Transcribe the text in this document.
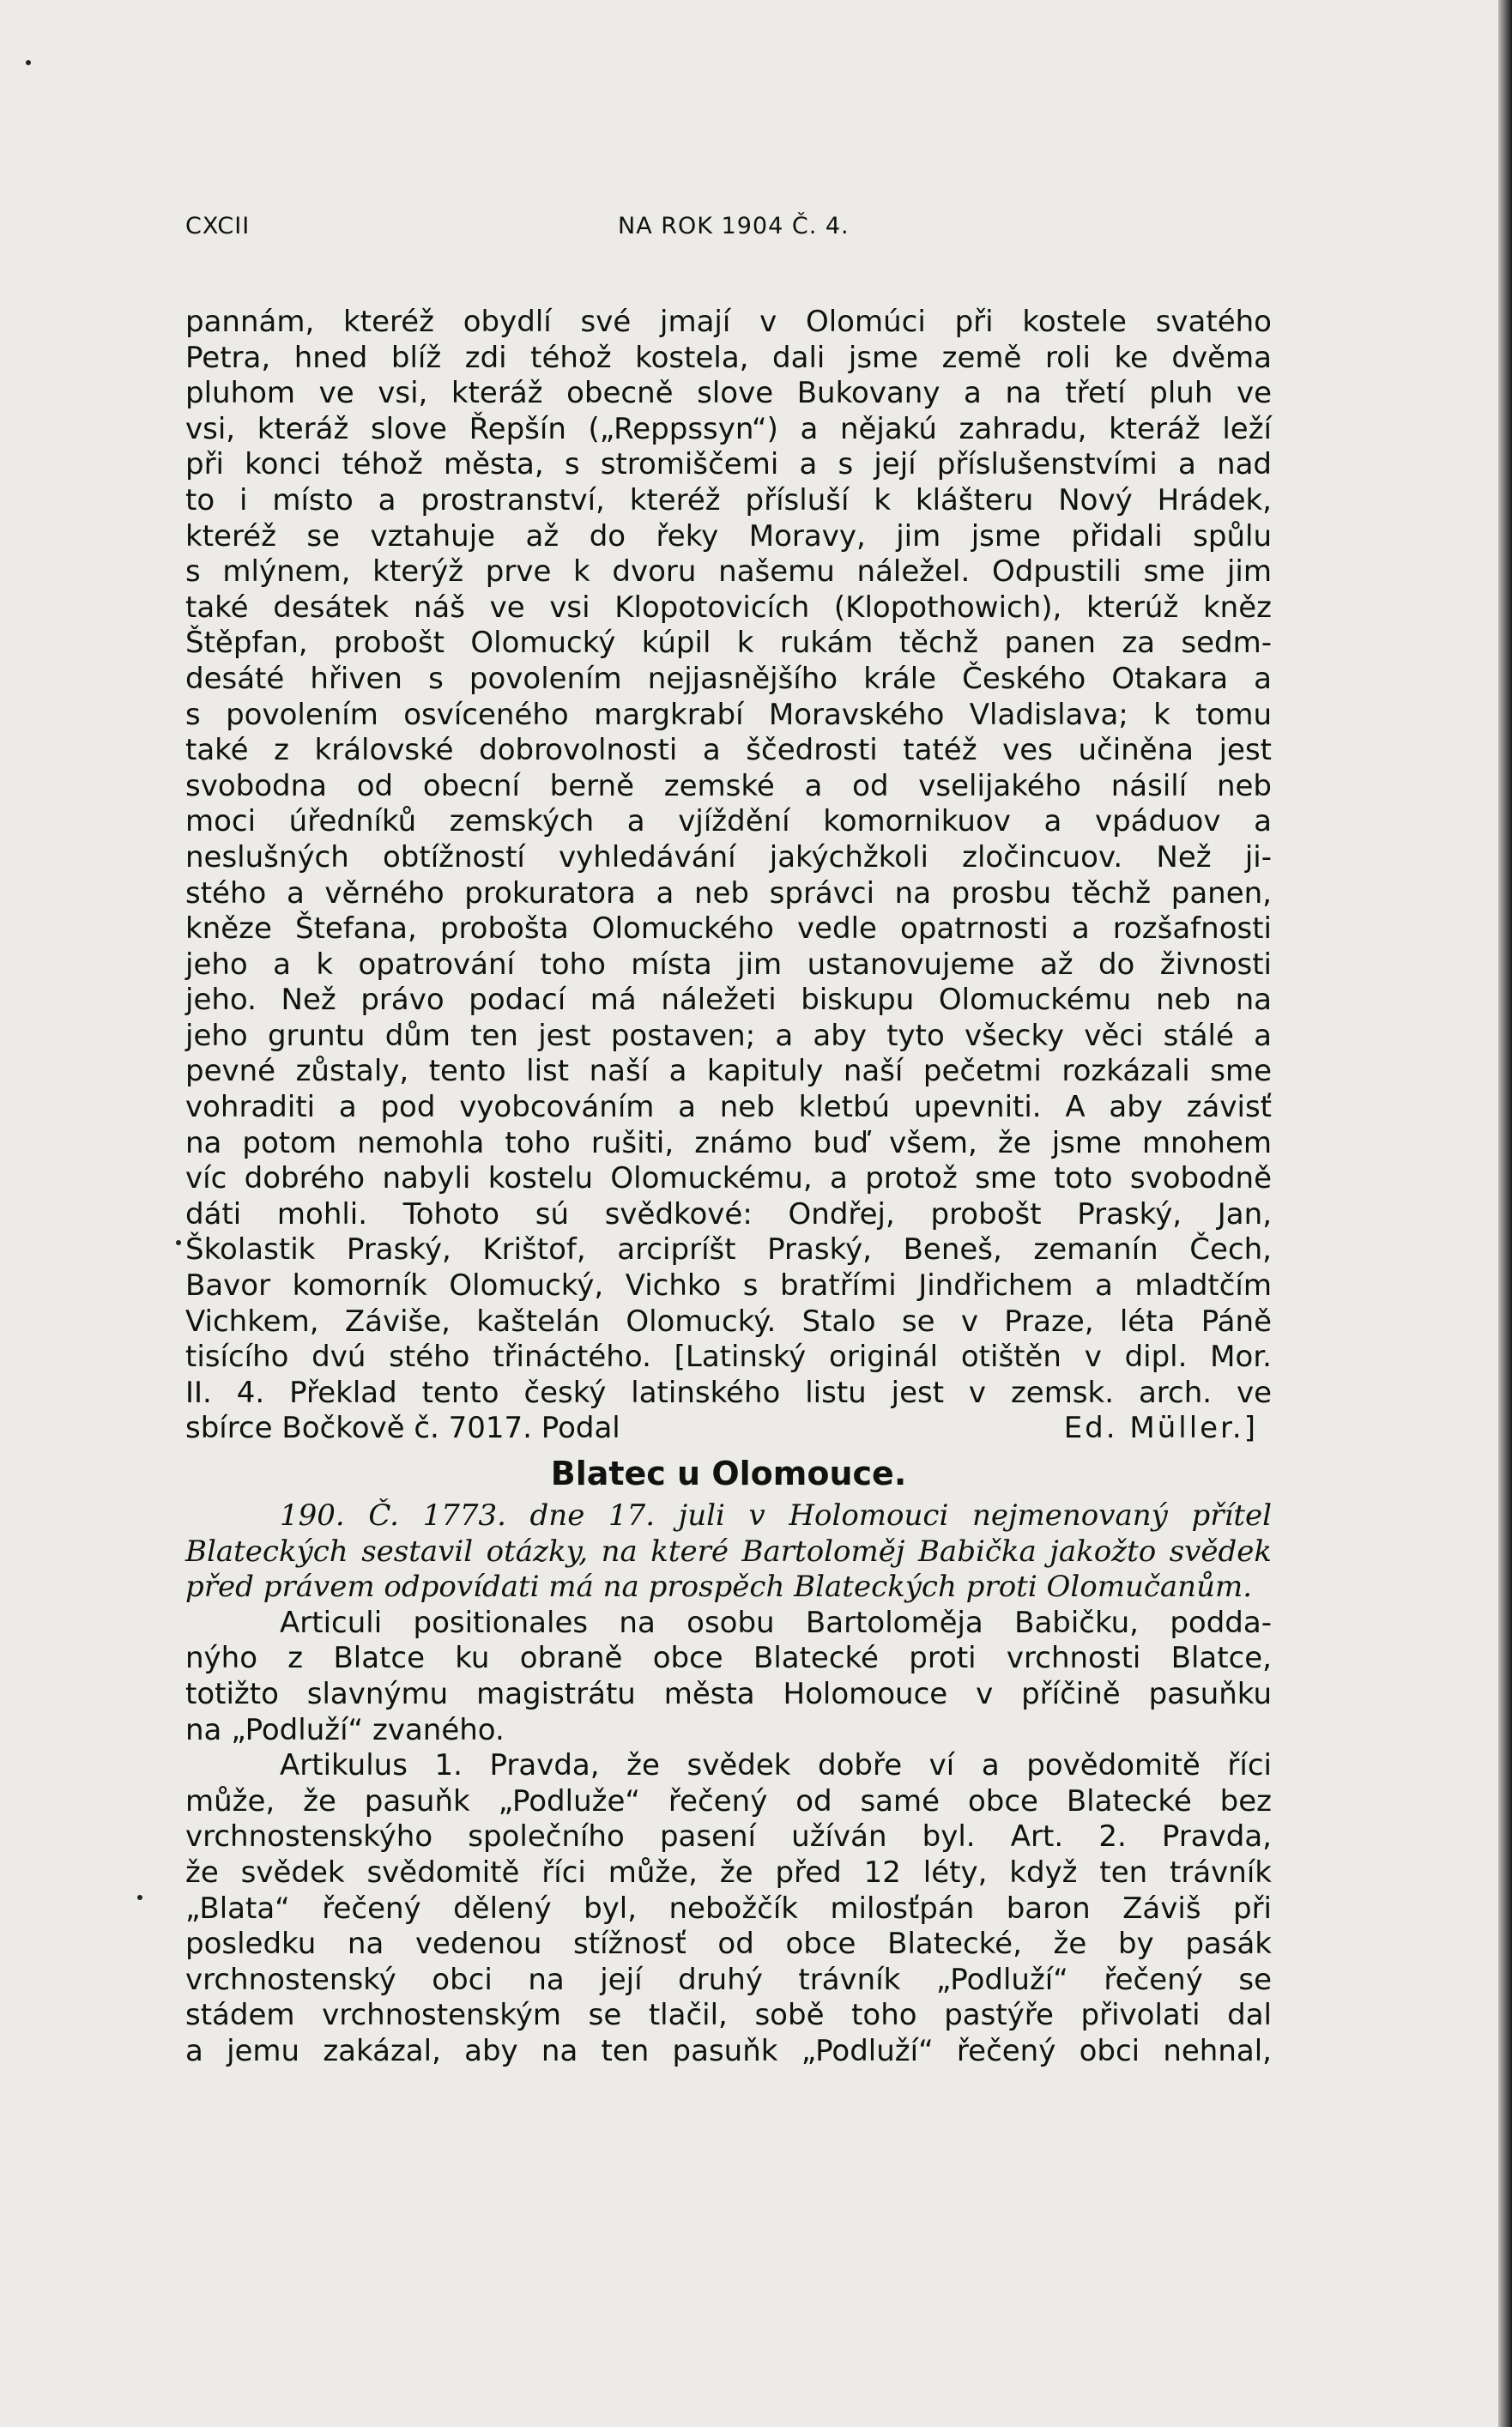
CXCII	NA ROK 1904 Č. 4.
pannám, kteréž obydlí své jmají v Olomúci při kostele svatého
Petra, hned blíž zdi téhož kostela, dali jsme země roli ke dvěma
pluhom ve vsi, kteráž obecně slove Bukovany a na třetí pluh ve
vsi, kteráž slove Řepšín („Reppssyn“) a nějakú zahradu, kteráž leží
při konci téhož města, s stromiščemi a s její příslušenstvími a nad
to i místo a prostranství, kteréž přísluší k klášteru Nový Hrádek,
kteréž se vztahuje až do řeky Moravy, jim jsme přidali spůlu
s mlýnem, kterýž prve k dvoru našemu náležel. Odpustili sme jim
také desátek náš ve vsi Klopotovicích (Klopothowich), kterúž kněz
Štěpfan, probošt Olomucký kúpil k rukám těchž panen za sedm-
desáté hřiven s povolením nejjasnějšího krále Českého Otakara a
s povolením osvíceného margkrabí Moravského Vladislava; k tomu
také z královské dobrovolnosti a ščedrosti tatéž ves učiněna jest
svobodna od obecní berně zemské a od vselijakého násilí neb
moci úředníků zemských a vjíždění komornikuov a vpáduov a
neslušných obtížností vyhledávání jakýchžkoli zločincuov. Než ji-
stého a věrného prokuratora a neb správci na prosbu těchž panen,
kněze Štefana, probošta Olomuckého vedle opatrnosti a rozšafnosti
jeho a k opatrování toho místa jim ustanovujeme až do živnosti
jeho. Než právo podací má náležeti biskupu Olomuckému neb na
jeho gruntu dům ten jest postaven; a aby tyto všecky věci stálé a
pevné zůstaly, tento list naší a kapituly naší pečetmi rozkázali sme
vohraditi a pod vyobcováním a neb kletbú upevniti. A aby závisť
na potom nemohla toho rušiti, známo buď všem, že jsme mnohem
víc dobrého nabyli kostelu Olomuckému, a protož sme toto svobodně
dáti mohli. Tohoto sú svědkové: Ondřej, probošt Praský, Jan,
Školastik Praský, Krištof, arcipríšt Praský, Beneš, zemanín Čech,
Bavor komorník Olomucký, Vichko s bratřími Jindřichem a mladtčím
Vichkem, Záviše, kaštelán Olomucký. Stalo se v Praze, léta Páně
tisícího dvú stého třináctého. [Latinský originál otištěn v dipl. Mor.
II. 4. Překlad tento český latinského listu jest v zemsk. arch. ve
sbírce Bočkově č. 7017. Podal	Ed. Müller.]
Blatec u Olomouce.
190. Č. 1773. dne 17. juli v Holomouci nejmenovaný přítel
Blateckých sestavil otázky, na které Bartoloměj Babička jakožto svědek
před právem odpovídati má na prospěch Blateckých proti Olomučanům.
Articuli positionales na osobu Bartoloměja Babičku, podda-
nýho z Blatce ku obraně obce Blatecké proti vrchnosti Blatce,
totižto slavnýmu magistrátu města Holomouce v příčině pasuňku
na „Podluží“ zvaného.
Artikulus 1. Pravda, že svědek dobře ví a povědomitě říci
může, že pasuňk „Podluže“ řečený od samé obce Blatecké bez
vrchnostenskýho společního pasení užíván byl. Art. 2. Pravda,
že svědek svědomitě říci může, že před 12 léty, když ten trávník
„Blata“ řečený dělený byl, nebožčík milosťpán baron Záviš při
posledku na vedenou stížnosť od obce Blatecké, že by pasák
vrchnostenský obci na její druhý trávník „Podluží“ řečený se
stádem vrchnostenským se tlačil, sobě toho pastýře přivolati dal
a jemu zakázal, aby na ten pasuňk „Podluží“ řečený obci nehnal,
